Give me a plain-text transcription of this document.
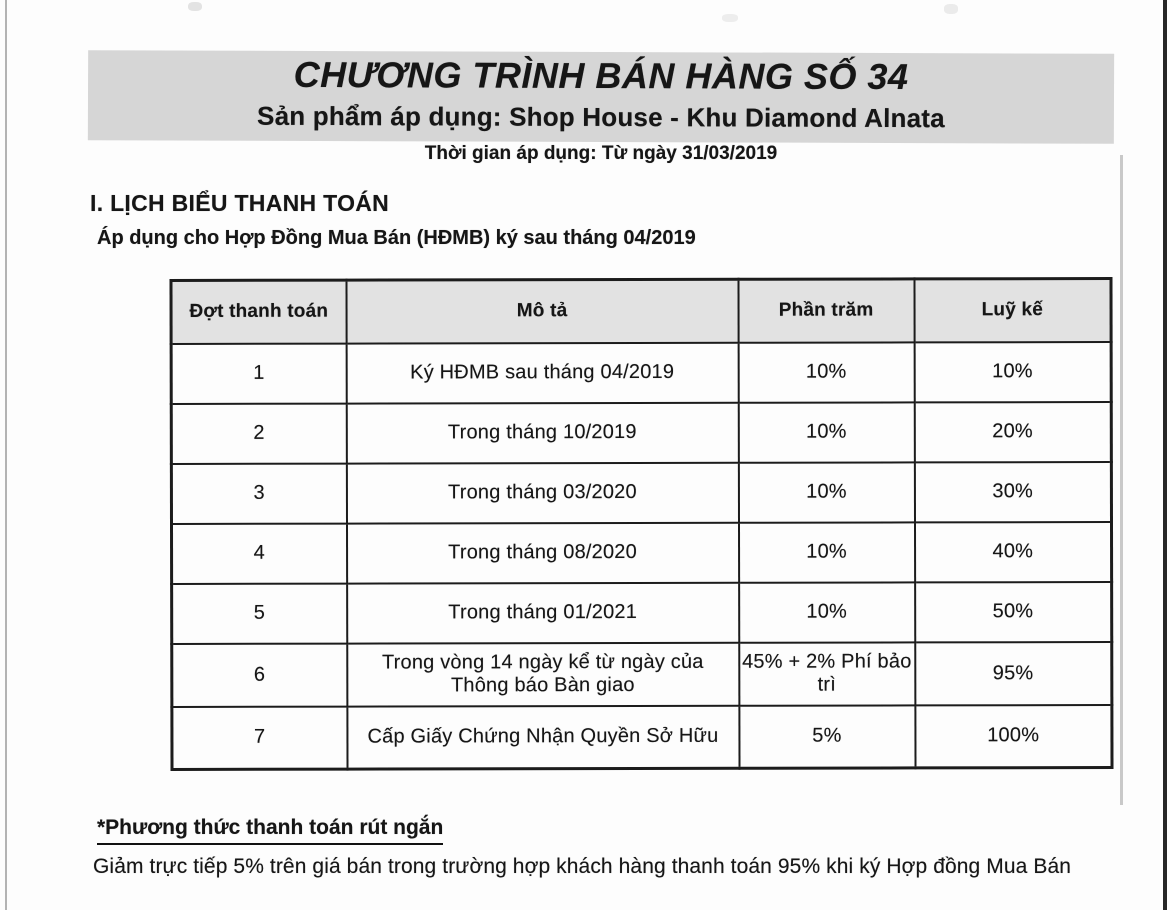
CHƯƠNG TRÌNH BÁN HÀNG SỐ 34
Sản phẩm áp dụng: Shop House - Khu Diamond Alnata
Thời gian áp dụng: Từ ngày 31/03/2019
I. LỊCH BIỂU THANH TOÁN
Áp dụng cho Hợp Đồng Mua Bán (HĐMB) ký sau tháng 04/2019
Đợt thanh toán	Mô tả	Phần trăm	Luỹ kế
1	Ký HĐMB sau tháng 04/2019	10%	10%
2	Trong tháng 10/2019	10%	20%
3	Trong tháng 03/2020	10%	30%
4	Trong tháng 08/2020	10%	40%
5	Trong tháng 01/2021	10%	50%
6	Trong vòng 14 ngày kể từ ngày của Thông báo Bàn giao	45% + 2% Phí bảo trì	95%
7	Cấp Giấy Chứng Nhận Quyền Sở Hữu	5%	100%
*Phương thức thanh toán rút ngắn
Giảm trực tiếp 5% trên giá bán trong trường hợp khách hàng thanh toán 95% khi ký Hợp đồng Mua Bán
